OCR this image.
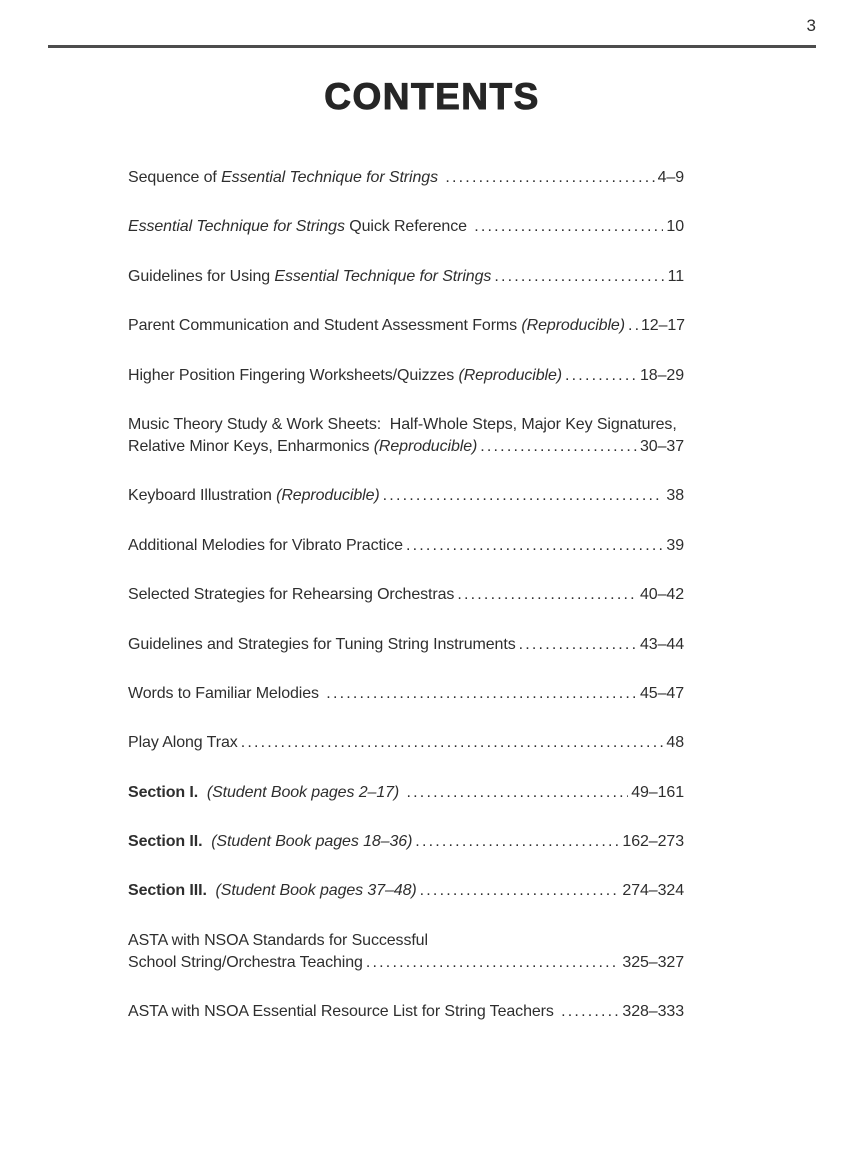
3
CONTENTS
Sequence of Essential Technique for Strings .....	4–9
Essential Technique for Strings Quick Reference .....	10
Guidelines for Using Essential Technique for Strings .....	11
Parent Communication and Student Assessment Forms (Reproducible) ..... 12–17
Higher Position Fingering Worksheets/Quizzes (Reproducible) .....	18–29
Music Theory Study & Work Sheets:  Half-Whole Steps, Major Key Signatures,
Relative Minor Keys, Enharmonics (Reproducible) .....	30–37
Keyboard Illustration (Reproducible) .....	38
Additional Melodies for Vibrato Practice .....	39
Selected Strategies for Rehearsing Orchestras .....	40–42
Guidelines and Strategies for Tuning String Instruments .....	43–44
Words to Familiar Melodies .....	45–47
Play Along Trax .....	48
Section I. (Student Book pages 2–17) .....	49–161
Section II. (Student Book pages 18–36) .....	162–273
Section III. (Student Book pages 37–48) .....	274–324
ASTA with NSOA Standards for Successful
School String/Orchestra Teaching .....	325–327
ASTA with NSOA Essential Resource List for String Teachers .....	328–333
